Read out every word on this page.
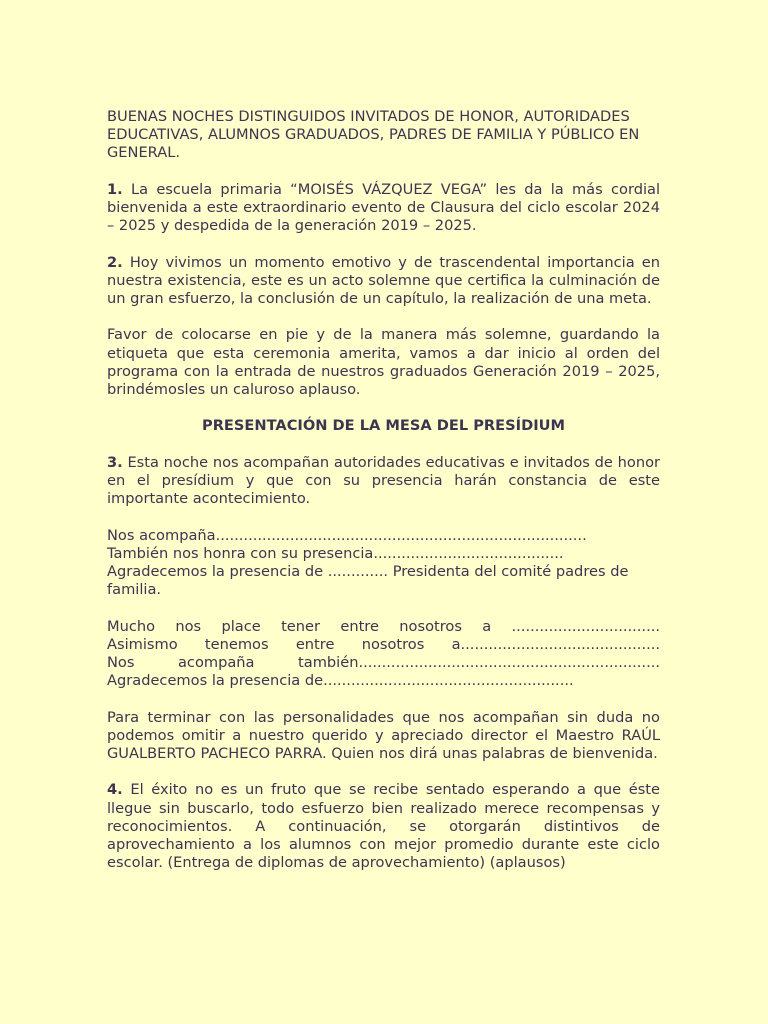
BUENAS NOCHES DISTINGUIDOS INVITADOS DE HONOR, AUTORIDADES EDUCATIVAS, ALUMNOS GRADUADOS, PADRES DE FAMILIA Y PÚBLICO EN GENERAL.

1. La escuela primaria “MOISÉS VÁZQUEZ VEGA” les da la más cordial bienvenida a este extraordinario evento de Clausura del ciclo escolar 2024 – 2025 y despedida de la generación 2019 – 2025.

2. Hoy vivimos un momento emotivo y de trascendental importancia en nuestra existencia, este es un acto solemne que certifica la culminación de un gran esfuerzo, la conclusión de un capítulo, la realización de una meta.

Favor de colocarse en pie y de la manera más solemne, guardando la etiqueta que esta ceremonia amerita, vamos a dar inicio al orden del programa con la entrada de nuestros graduados Generación 2019 – 2025, brindémosles un caluroso aplauso.

PRESENTACIÓN DE LA MESA DEL PRESÍDIUM

3. Esta noche nos acompañan autoridades educativas e invitados de honor en el presídium y que con su presencia harán constancia de este importante acontecimiento.

Nos acompaña................................................................................
También nos honra con su presencia.........................................
Agradecemos la presencia de ............. Presidenta del comité padres de familia.

Mucho nos place tener entre nosotros a ................................
Asimismo tenemos entre nosotros a...........................................
Nos acompaña también.................................................................
Agradecemos la presencia de......................................................

Para terminar con las personalidades que nos acompañan sin duda no podemos omitir a nuestro querido y apreciado director el Maestro RAÚL GUALBERTO PACHECO PARRA. Quien nos dirá unas palabras de bienvenida.

4. El éxito no es un fruto que se recibe sentado esperando a que éste llegue sin buscarlo, todo esfuerzo bien realizado merece recompensas y reconocimientos. A continuación, se otorgarán distintivos de aprovechamiento a los alumnos con mejor promedio durante este ciclo escolar. (Entrega de diplomas de aprovechamiento) (aplausos)
